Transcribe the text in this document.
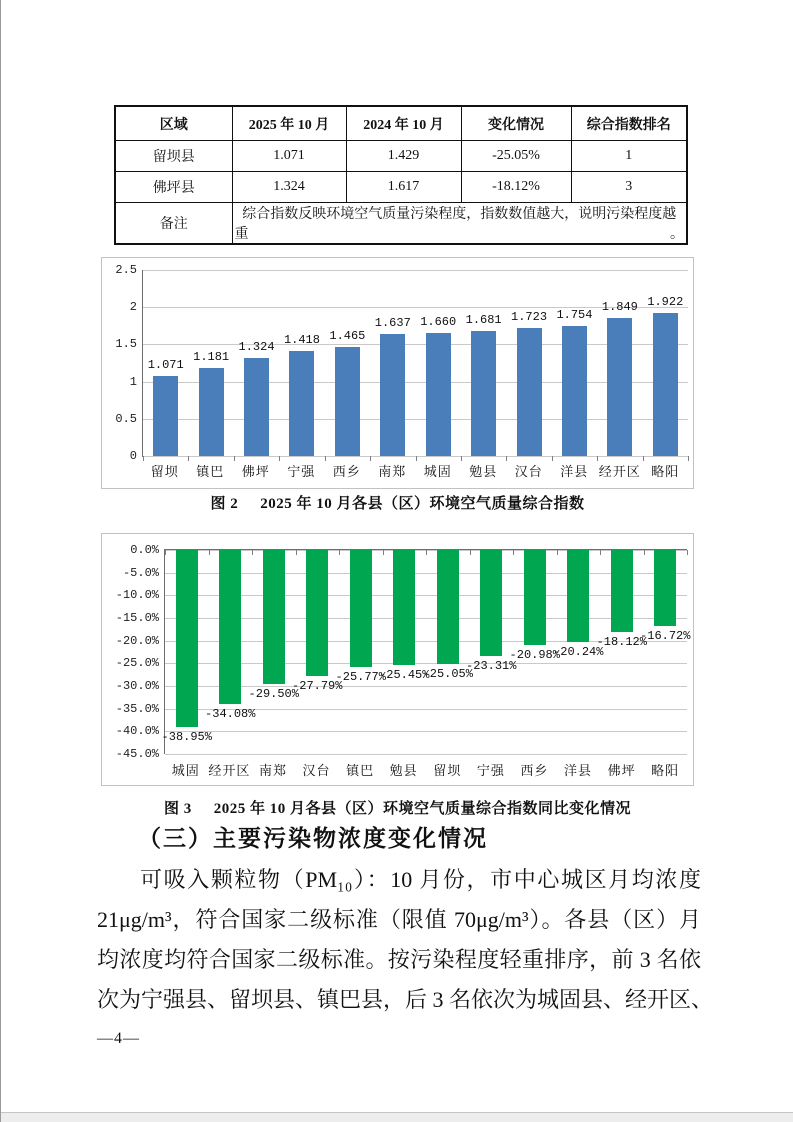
区域	2025 年 10 月	2024 年 10 月	变化情况	综合指数排名
留坝县	1.071	1.429	-25.05%	1
佛坪县	1.324	1.617	-18.12%	3
备注	综合指数反映环境空气质量污染程度，指数数值越大，说明污染程度越重。			
0
0.5
1
1.5
2
2.5
1.071
1.181
1.324 1.418 1.465
1.637 1.660 1.681 1.723 1.754
1.849 1.922
留坝	镇巴	佛坪	宁强	西乡	南郑	城固	勉县	汉台	洋县 经开区 略阳
图 2 2025 年 10 月各县（区）环境空气质量综合指数
0.0%
-5.0%
-10.0%
-15.0%
-20.0%
-25.0%
-30.0%
-35.0%
-40.0%
-45.0%
-38.95%
-34.08%
-29.50%
-27.79%
-25.77%
-25.45%
-25.05%
-23.31%
-20.98%
-20.24%
-18.12%
-16.72%
城固 经开区 南郑	汉台	镇巴	勉县	留坝	宁强	西乡	洋县	佛坪	略阳
图 3 2025 年 10 月各县（区）环境空气质量综合指数同比变化情况
（三）主要污染物浓度变化情况
可吸入颗粒物（PM₁₀）：10 月份，市中心城区月均浓度
21μg/m³，符合国家二级标准（限值 70μg/m³）。各县（区）月
均浓度均符合国家二级标准。按污染程度轻重排序，前 3 名依
次为宁强县、留坝县、镇巴县，后 3 名依次为城固县、经开区、
—4—
